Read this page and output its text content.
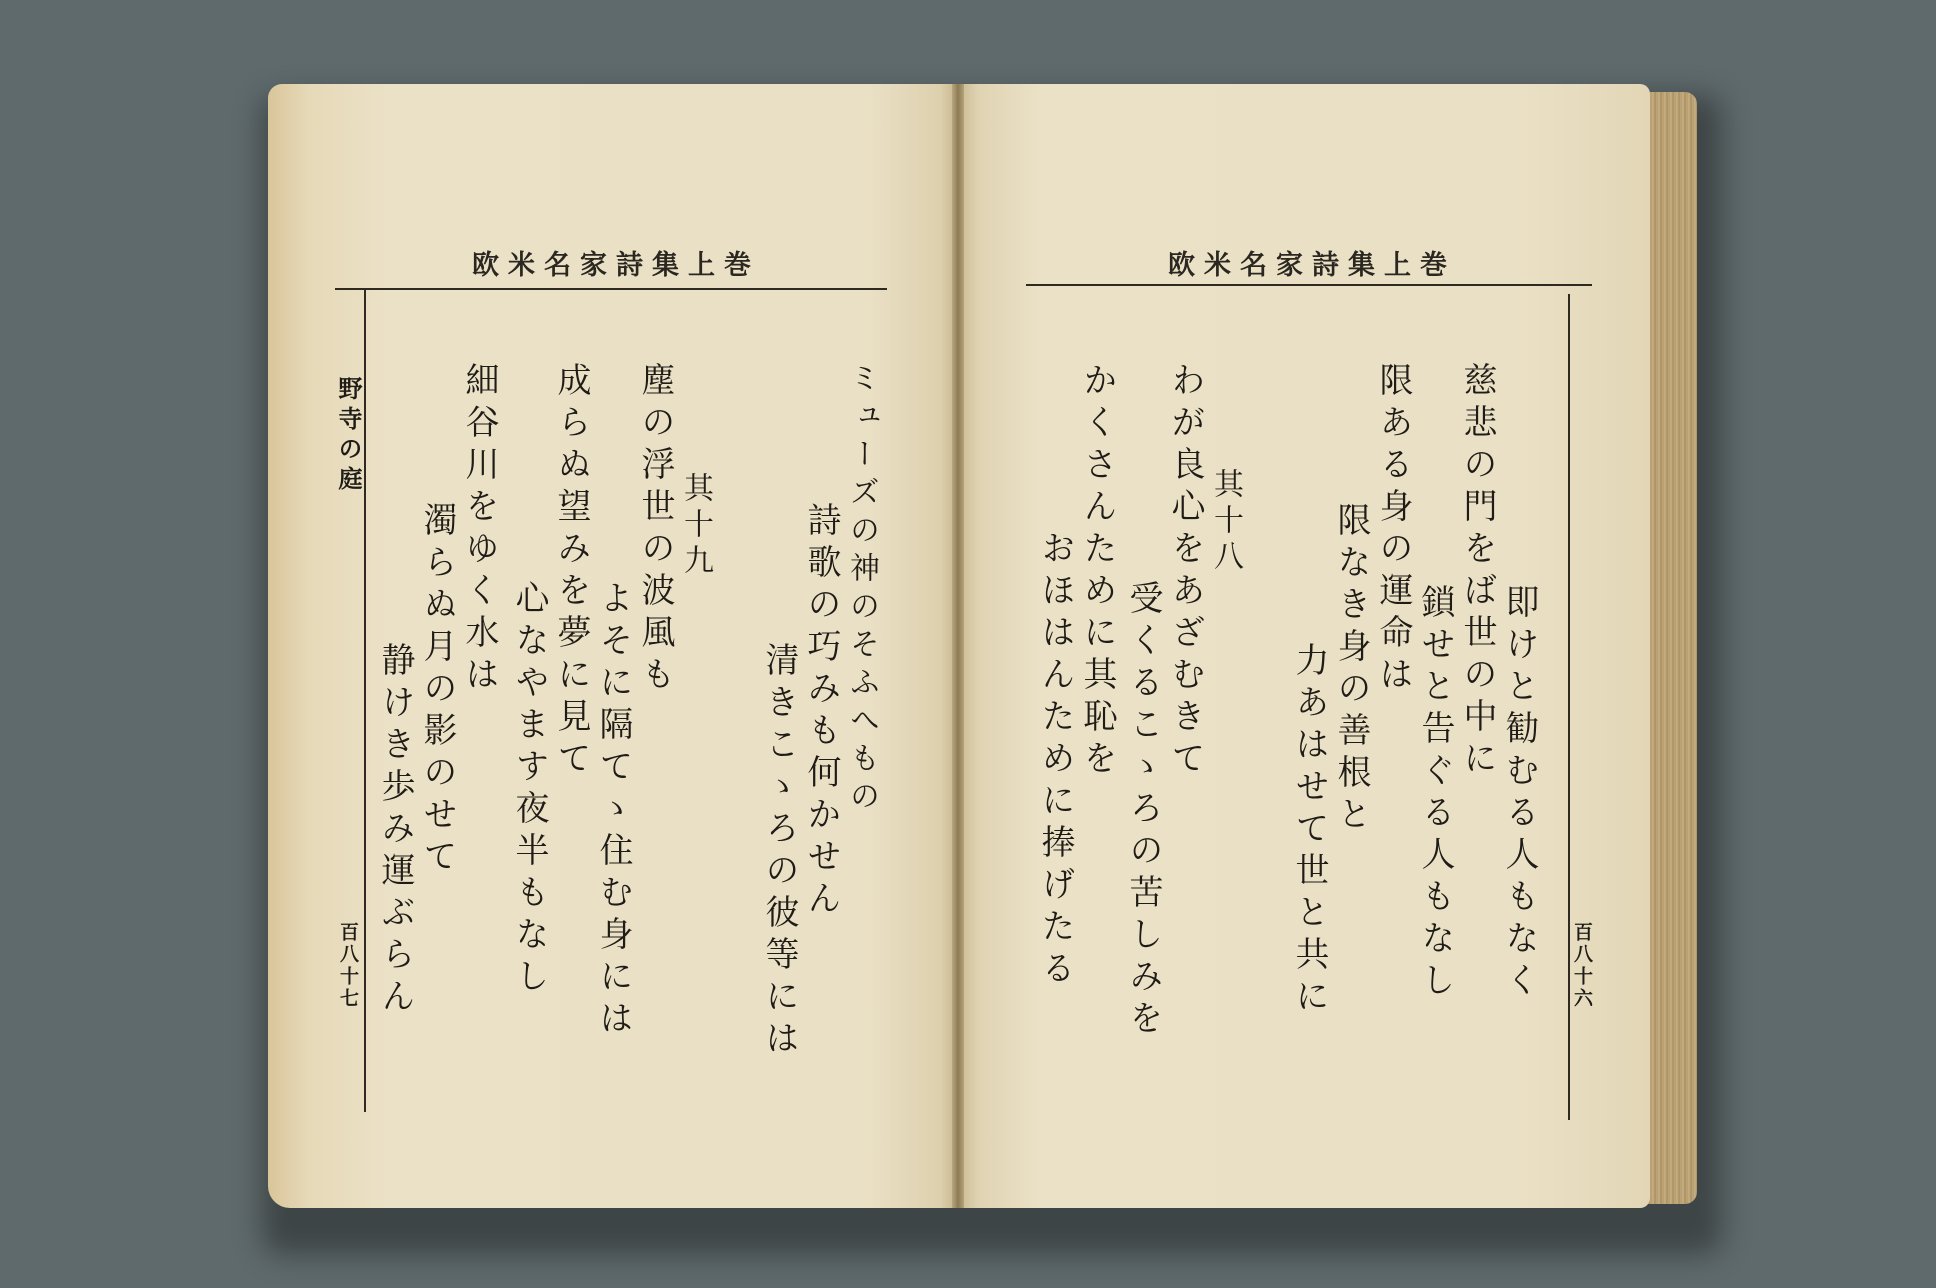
欧米名家詩集上巻
野寺の庭
百八十七
ミューズの神のそふへもの
詩歌の巧みも何かせん
清きこゝろの彼等には
其十九
塵の浮世の波風も
よそに隔てゝ住む身には
成らぬ望みを夢に見て
心なやます夜半もなし
細谷川をゆく水は
濁らぬ月の影のせて
静けき歩み運ぶらん
欧米名家詩集上巻
百八十六
即けと勧むる人もなく
慈悲の門をば世の中に
鎖せと告ぐる人もなし
限ある身の運命は
限なき身の善根と
力あはせて世と共に
其十八
わが良心をあざむきて
受くるこゝろの苦しみを
かくさんために其恥を
おほはんために捧げたる
